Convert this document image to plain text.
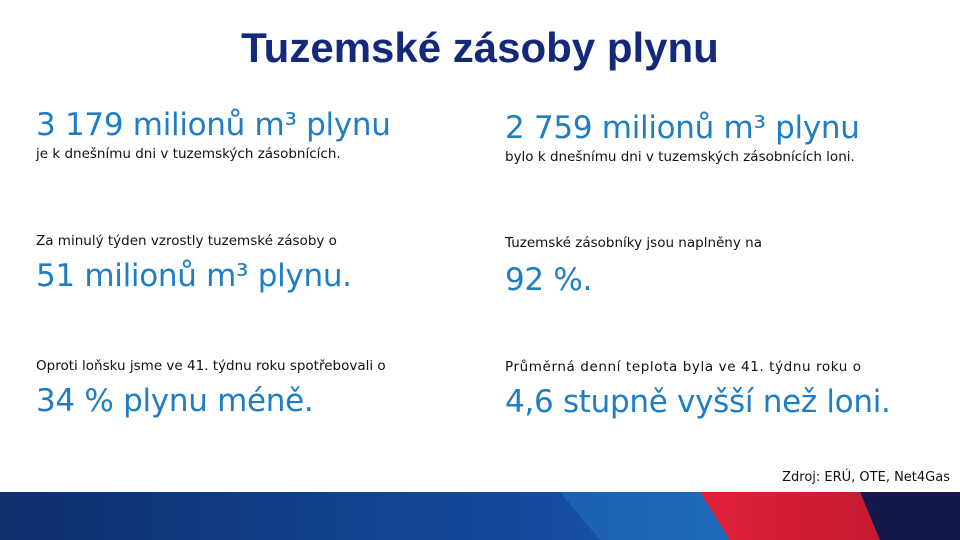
Tuzemské zásoby plynu
3 179 milionů m³ plynu
je k dnešnímu dni v tuzemských zásobnících.
Za minulý týden vzrostly tuzemské zásoby o
51 milionů m³ plynu.
Oproti loňsku jsme ve 41. týdnu roku spotřebovali o
34 % plynu méně.
2 759 milionů m³ plynu
bylo k dnešnímu dni v tuzemských zásobnících loni.
Tuzemské zásobníky jsou naplněny na
92 %.
Průměrná denní teplota byla ve 41. týdnu roku o
4,6 stupně vyšší než loni.
Zdroj: ERÚ, OTE, Net4Gas
